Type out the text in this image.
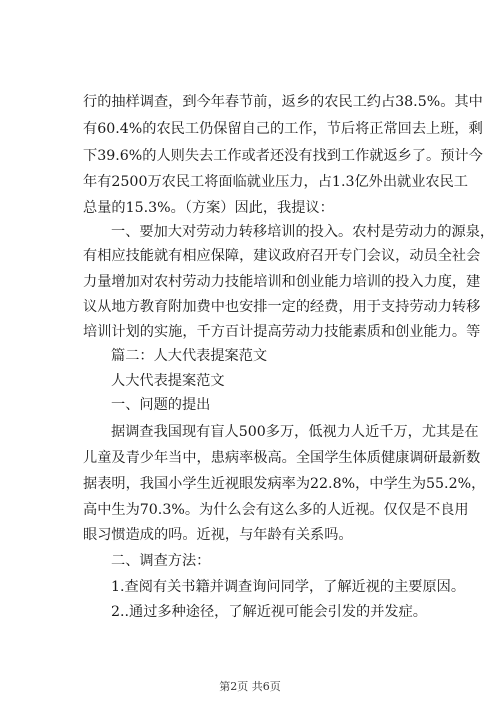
行的抽样调查，到今年春节前，返乡的农民工约占38.5%。其中
有60.4%的农民工仍保留自己的工作，节后将正常回去上班，剩
下39.6%的人则失去工作或者还没有找到工作就返乡了。预计今
年有2500万农民工将面临就业压力，占1.3亿外出就业农民工
总量的15.3%。（方案）因此，我提议：
一、要加大对劳动力转移培训的投入。农村是劳动力的源泉，
有相应技能就有相应保障，建议政府召开专门会议，动员全社会
力量增加对农村劳动力技能培训和创业能力培训的投入力度，建
议从地方教育附加费中也安排一定的经费，用于支持劳动力转移
培训计划的实施，千方百计提高劳动力技能素质和创业能力。等
篇二：人大代表提案范文
人大代表提案范文
一、问题的提出
据调查我国现有盲人500多万，低视力人近千万，尤其是在
儿童及青少年当中，患病率极高。全国学生体质健康调研最新数
据表明，我国小学生近视眼发病率为22.8%，中学生为55.2%，
高中生为70.3%。为什么会有这么多的人近视。仅仅是不良用
眼习惯造成的吗。近视，与年龄有关系吗。
二、调查方法：
1.查阅有关书籍并调查询问同学，了解近视的主要原因。
2..通过多种途径，了解近视可能会引发的并发症。
第2页 共6页
